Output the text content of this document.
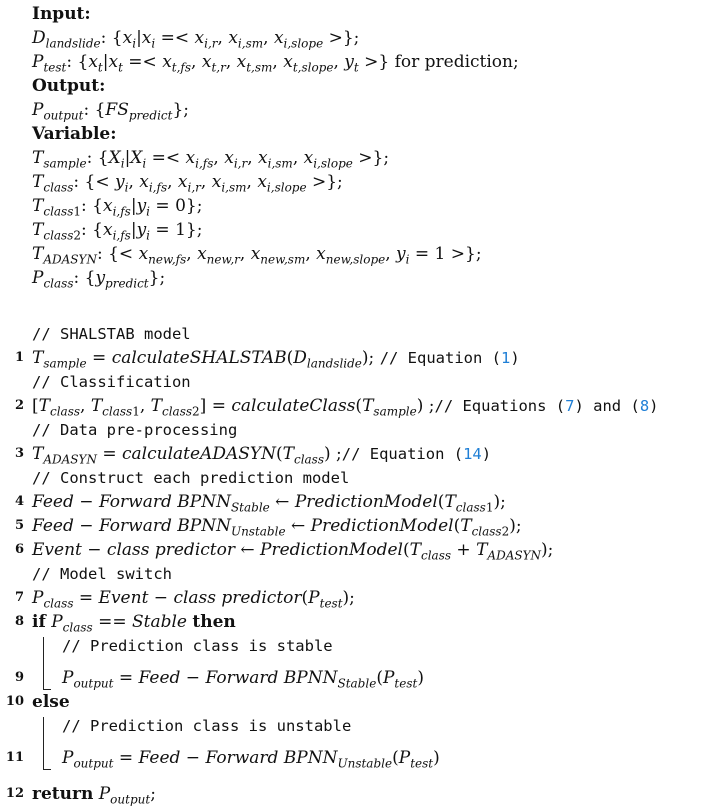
Input:
$D_{landslide}$: {$x_i|x_i =< x_{i,r}$, $x_{i,sm}$, $x_{i,slope}$ >};
$P_{test}$: {$x_t|x_t =< x_{t,fs}$, $x_{t,r}$, $x_{t,sm}$, $x_{t,slope}$, $y_t$ >} for prediction;
Output:
$P_{output}$: $\{FS_{predict}\}$;
Variable:
$T_{sample}$: {$X_i|X_i =< x_{i,fs}$, $x_{i,r}$, $x_{i,sm}$, $x_{i,slope}$ >};
$T_{class}$: {< $y_i$, $x_{i,fs}$, $x_{i,r}$, $x_{i,sm}$, $x_{i,slope}$ >};
$T_{class1}$: $\{x_{i,fs}|y_i = 0\}$;
$T_{class2}$: $\{x_{i,fs}|y_i = 1\}$;
$T_{ADASYN}$: {< $x_{new,fs}$, $x_{new,r}$, $x_{new,sm}$, $x_{new,slope}$, $y_i = 1$ >};
$P_{class}$: $\{y_{predict}\}$;
// SHALSTAB model
1 $T_{sample}$ = $calculateSHALSTAB(D_{landslide})$; // Equation (1)
// Classification
2 [$T_{class}$, $T_{class1}$, $T_{class2}$] = $calculateClass(T_{sample})$ ;// Equations (7) and (8)
// Data pre-processing
3 $T_{ADASYN}$ = $calculateADASYN(T_{class})$ ;// Equation (14)
// Construct each prediction model
4 Feed − Forward $BPNN_{Stable}$ ← $PredictionModel(T_{class1})$;
5 Feed − Forward $BPNN_{Unstable}$ ← $PredictionModel(T_{class2})$;
6 Event − class predictor ← $PredictionModel(T_{class} + T_{ADASYN})$;
// Model switch
7 $P_{class}$ = Event − class $predictor(P_{test})$;
8 if $P_{class}$ == Stable then
// Prediction class is stable
9 $P_{output}$ = Feed − Forward $BPNN_{Stable}(P_{test})$
10 else
// Prediction class is unstable
11 $P_{output}$ = Feed − Forward $BPNN_{Unstable}(P_{test})$
12 return $P_{output}$;
